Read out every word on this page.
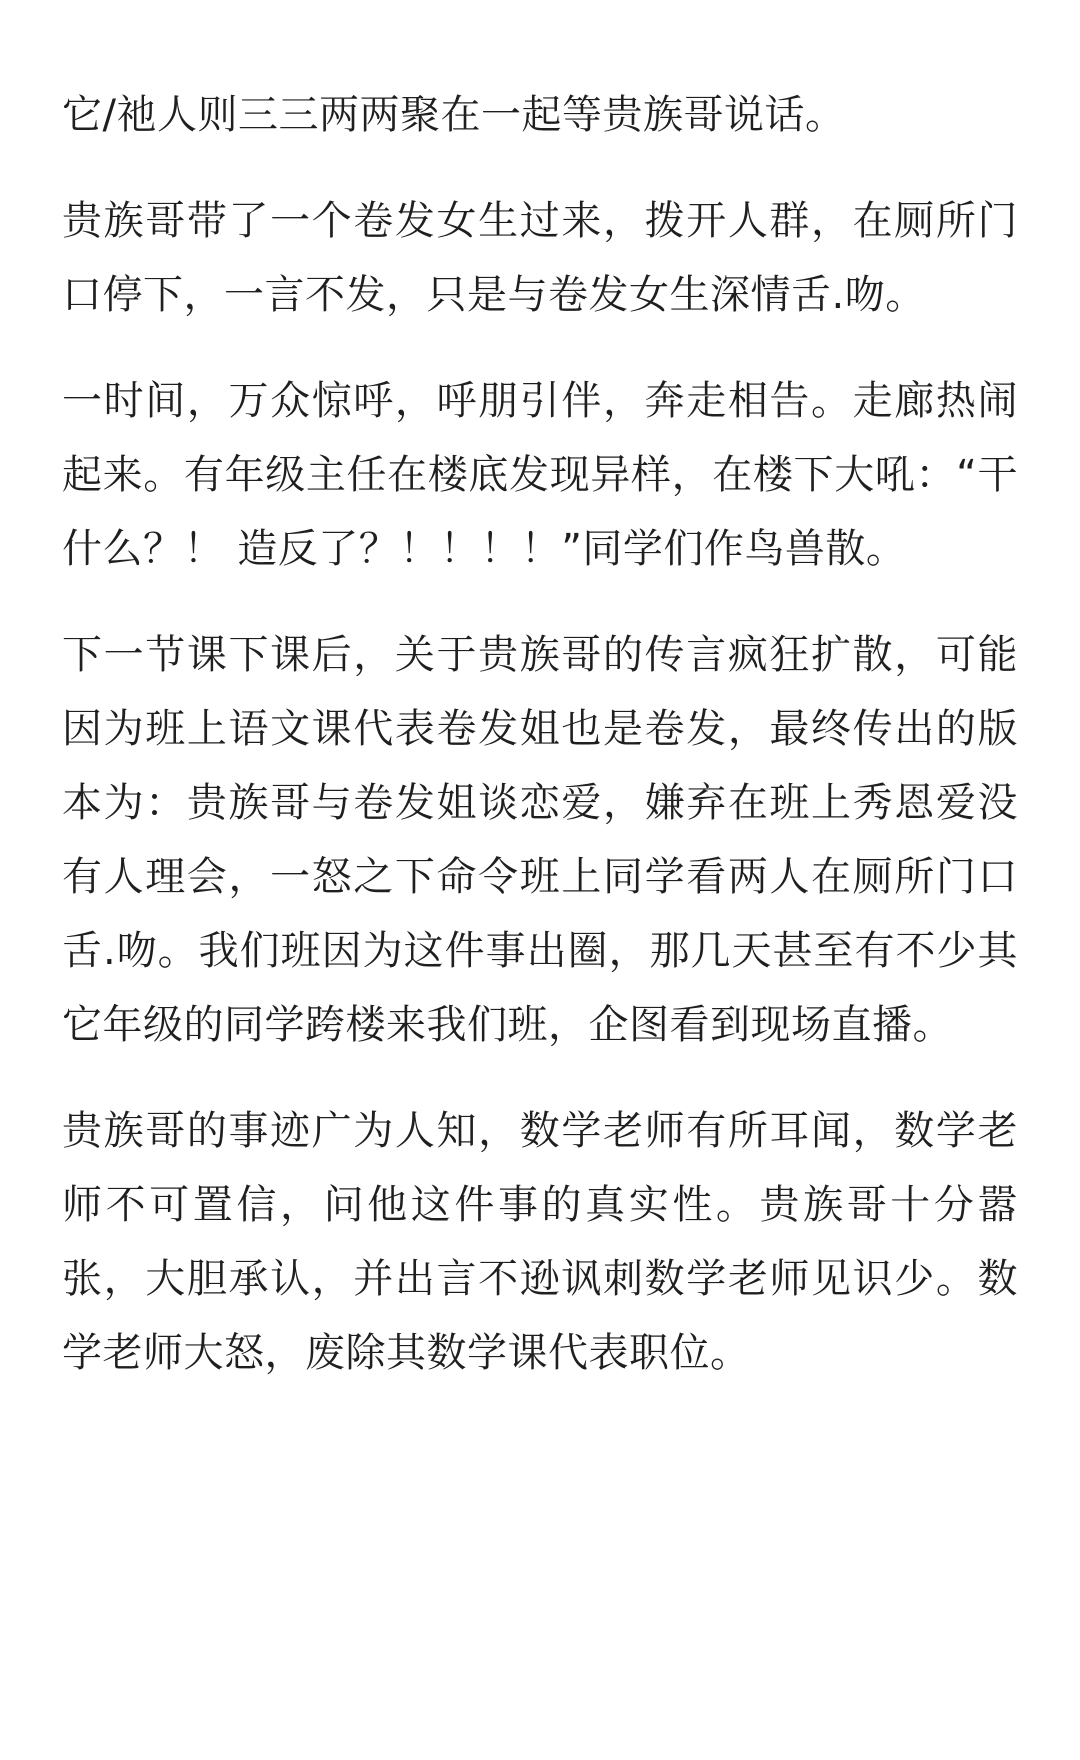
它/祂人则三三两两聚在一起等贵族哥说话。

贵族哥带了一个卷发女生过来，拨开人群，在厕所门口停下，一言不发，只是与卷发女生深情舌.吻。

一时间，万众惊呼，呼朋引伴，奔走相告。走廊热闹起来。有年级主任在楼底发现异样，在楼下大吼：“干什么？！ 造反了？！！！！”同学们作鸟兽散。

下一节课下课后，关于贵族哥的传言疯狂扩散，可能因为班上语文课代表卷发姐也是卷发，最终传出的版本为：贵族哥与卷发姐谈恋爱，嫌弃在班上秀恩爱没有人理会，一怒之下命令班上同学看两人在厕所门口舌.吻。我们班因为这件事出圈，那几天甚至有不少其它年级的同学跨楼来我们班，企图看到现场直播。

贵族哥的事迹广为人知，数学老师有所耳闻，数学老师不可置信，问他这件事的真实性。贵族哥十分嚣张，大胆承认，并出言不逊讽刺数学老师见识少。数学老师大怒，废除其数学课代表职位。
